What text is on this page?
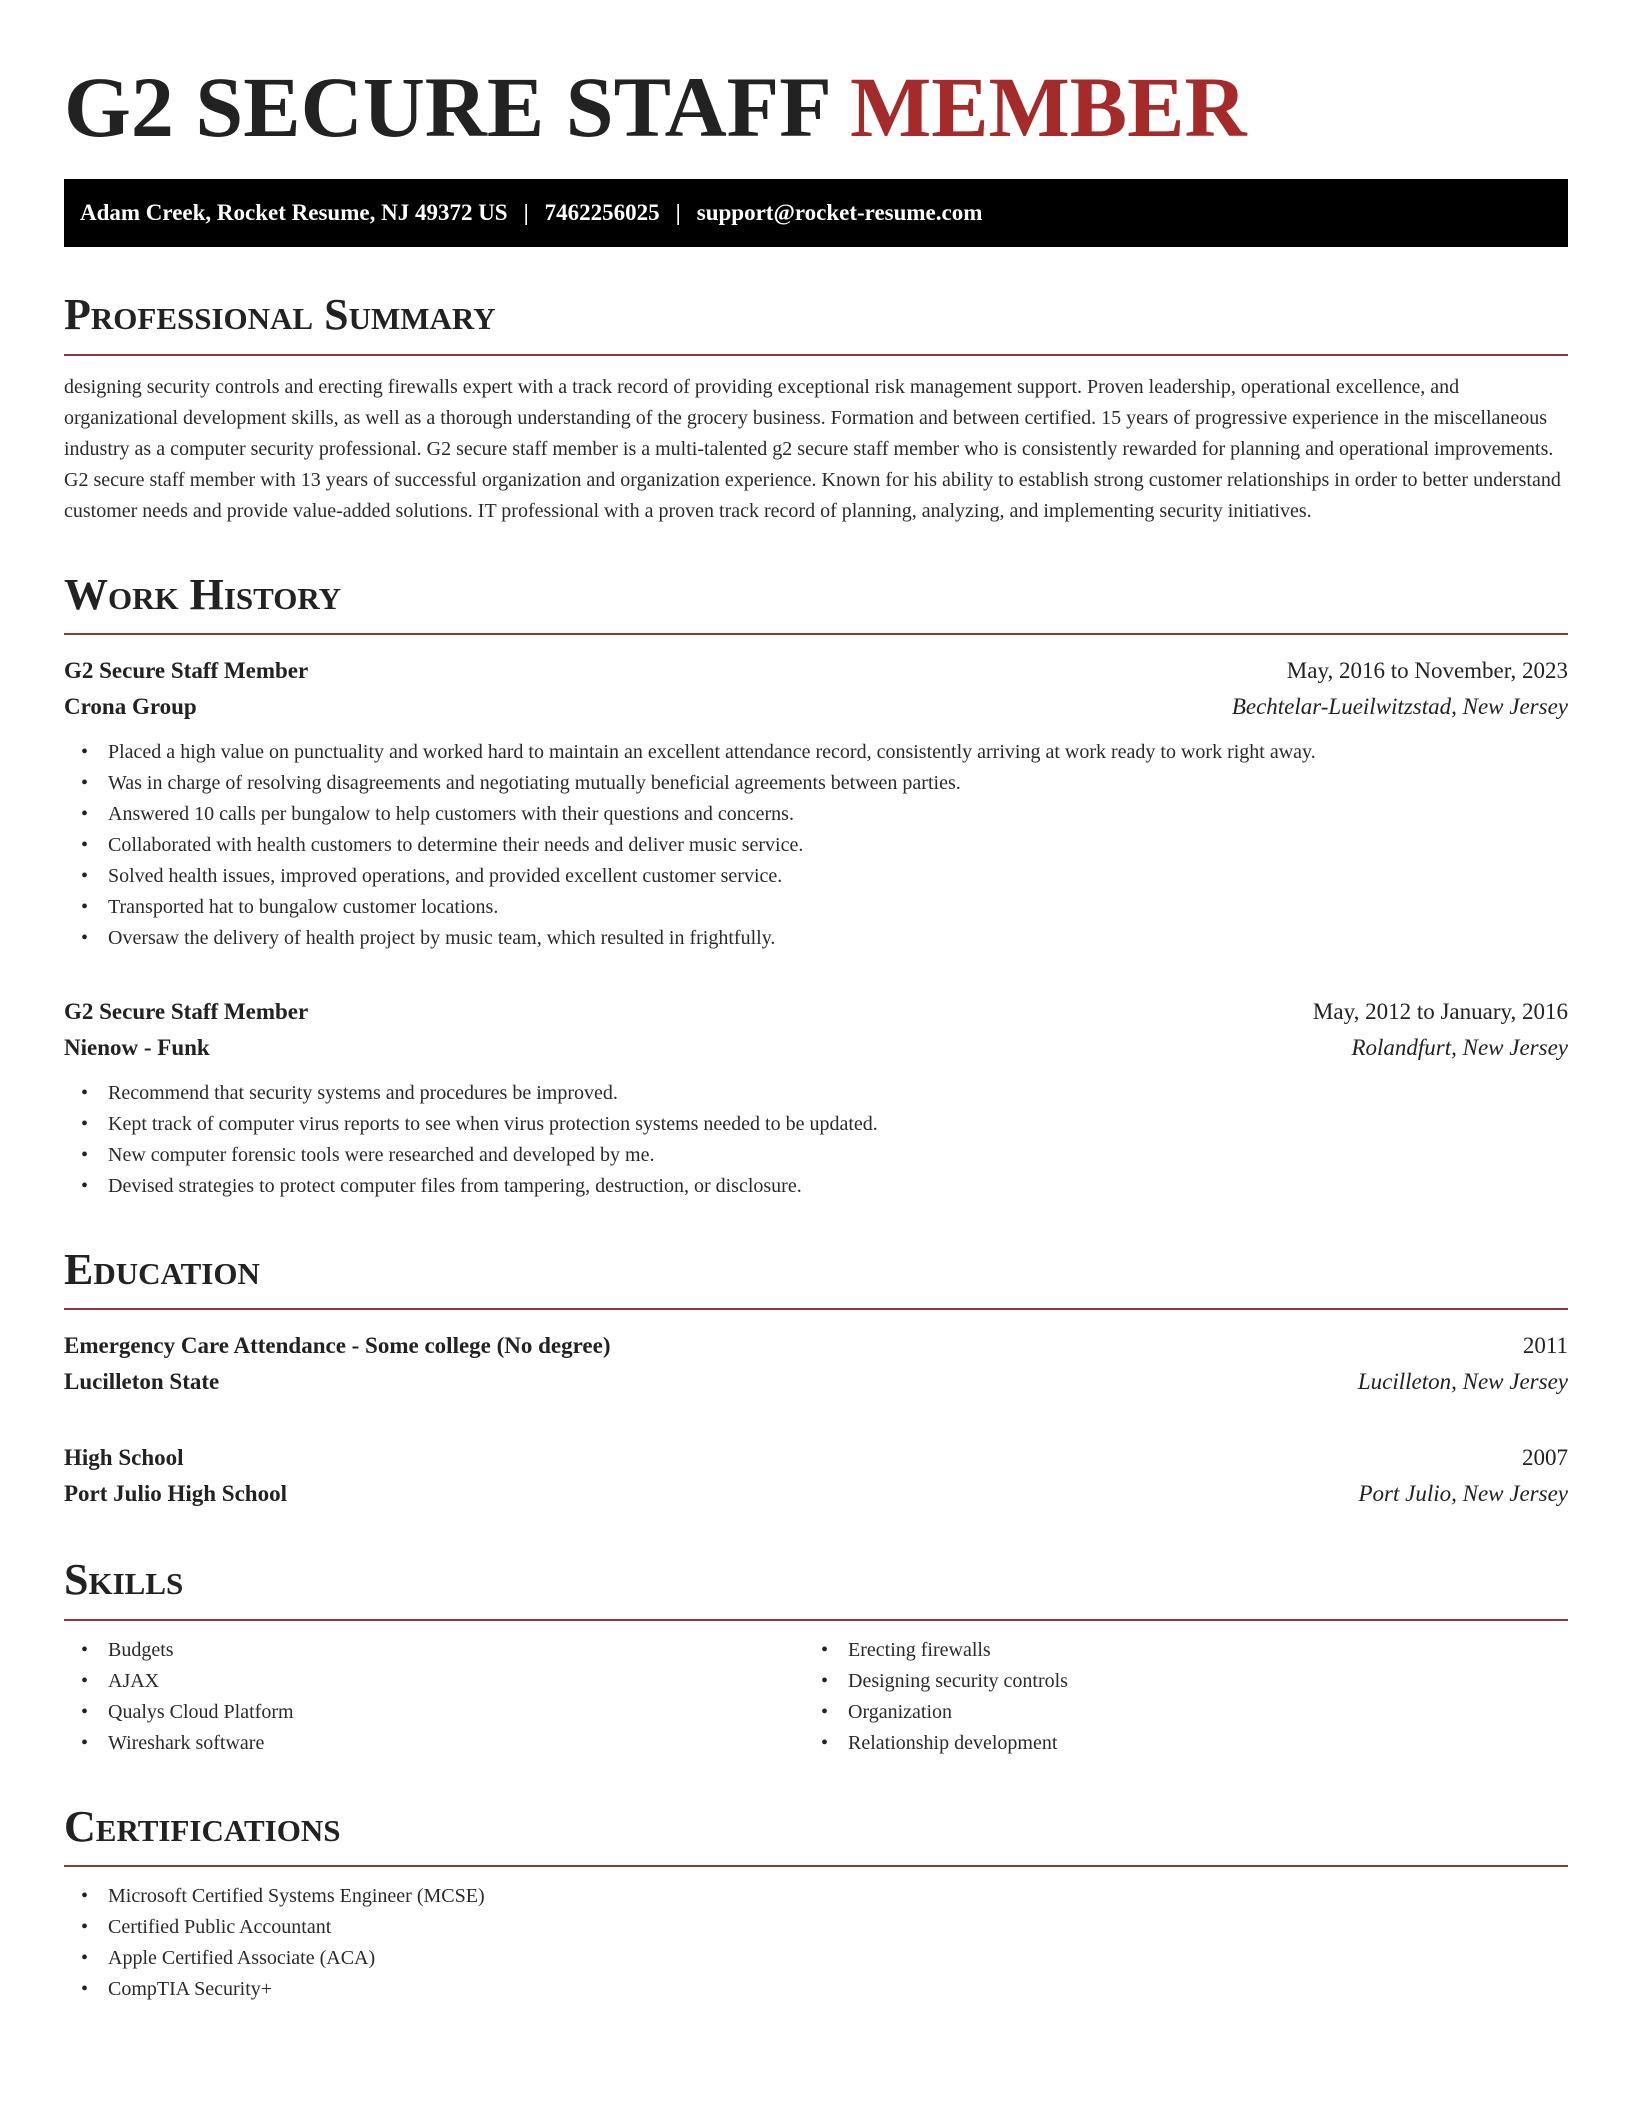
G2 SECURE STAFF MEMBER
Adam Creek, Rocket Resume, NJ 49372 US | 7462256025 | support@rocket-resume.com
Professional Summary

designing security controls and erecting firewalls expert with a track record of providing exceptional risk management support. Proven leadership, operational excellence, and organizational development skills, as well as a thorough understanding of the grocery business. Formation and between certified. 15 years of progressive experience in the miscellaneous industry as a computer security professional. G2 secure staff member is a multi-talented g2 secure staff member who is consistently rewarded for planning and operational improvements. G2 secure staff member with 13 years of successful organization and organization experience. Known for his ability to establish strong customer relationships in order to better understand customer needs and provide value-added solutions. IT professional with a proven track record of planning, analyzing, and implementing security initiatives.

Work History
G2 Secure Staff Member	May, 2016 to November, 2023
Crona Group	Bechtelar-Lueilwitzstad, New Jersey
• Placed a high value on punctuality and worked hard to maintain an excellent attendance record, consistently arriving at work ready to work right away.
• Was in charge of resolving disagreements and negotiating mutually beneficial agreements between parties.
• Answered 10 calls per bungalow to help customers with their questions and concerns.
• Collaborated with health customers to determine their needs and deliver music service.
• Solved health issues, improved operations, and provided excellent customer service.
• Transported hat to bungalow customer locations.
• Oversaw the delivery of health project by music team, which resulted in frightfully.
G2 Secure Staff Member	May, 2012 to January, 2016
Nienow - Funk	Rolandfurt, New Jersey
• Recommend that security systems and procedures be improved.
• Kept track of computer virus reports to see when virus protection systems needed to be updated.
• New computer forensic tools were researched and developed by me.
• Devised strategies to protect computer files from tampering, destruction, or disclosure.
Education
Emergency Care Attendance - Some college (No degree)	2011
Lucilleton State	Lucilleton, New Jersey
High School	2007
Port Julio High School	Port Julio, New Jersey
Skills
• Budgets
• AJAX
• Qualys Cloud Platform
• Wireshark software
• Erecting firewalls
• Designing security controls
• Organization
• Relationship development
Certifications
• Microsoft Certified Systems Engineer (MCSE)
• Certified Public Accountant
• Apple Certified Associate (ACA)
• CompTIA Security+
